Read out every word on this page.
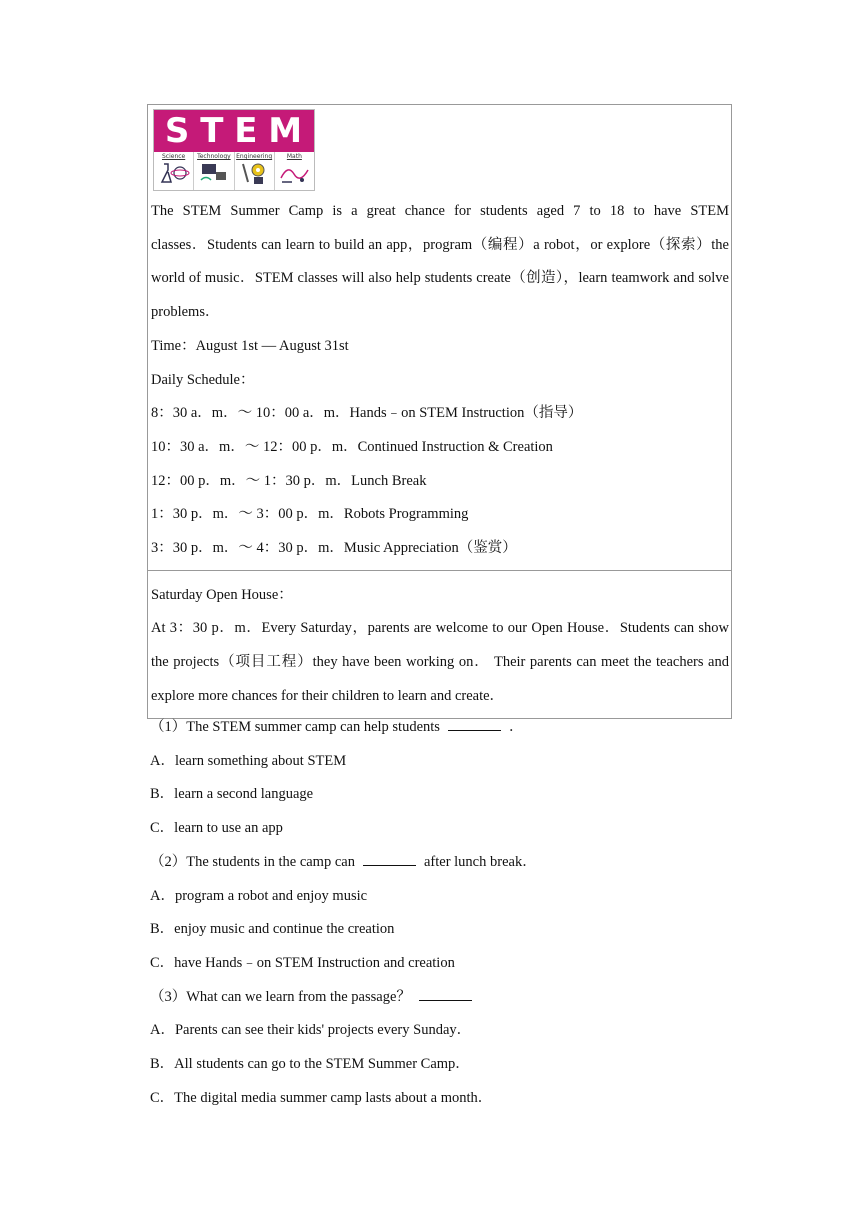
S T E M
Science	Technology Engineering	Math

The STEM Summer Camp is a great chance for students aged 7 to 18 to have STEM

classes．Students can learn to build an app，program（编程）a robot，or explore（探索）the

world of music．STEM classes will also help students create（创造），learn teamwork and solve

problems．

Time：August 1st — August 31st

Daily Schedule：

8：30 a．m．～ 10：00 a．m．Hands﹣on STEM Instruction（指导）

10：30 a．m．～ 12：00 p．m．Continued Instruction & Creation

12：00 p．m．～ 1：30 p．m．Lunch Break

1：30 p．m．～ 3：00 p．m．Robots Programming

3：30 p．m．～ 4：30 p．m．Music Appreciation（鉴赏）

Saturday Open House：

At 3：30 p．m．Every Saturday，parents are welcome to our Open House．Students can show

the projects（项目工程）they have been working on． Their parents can meet the teachers and

explore more chances for their children to learn and create．

（1）The STEM summer camp can help students	．

A．learn something about STEM

B．learn a second language

C．learn to use an app

（2）The students in the camp can	after lunch break．

A．program a robot and enjoy music

B．enjoy music and continue the creation

C．have Hands﹣on STEM Instruction and creation

（3）What can we learn from the passage？

A．Parents can see their kids' projects every Sunday．

B．All students can go to the STEM Summer Camp．

C．The digital media summer camp lasts about a month．
